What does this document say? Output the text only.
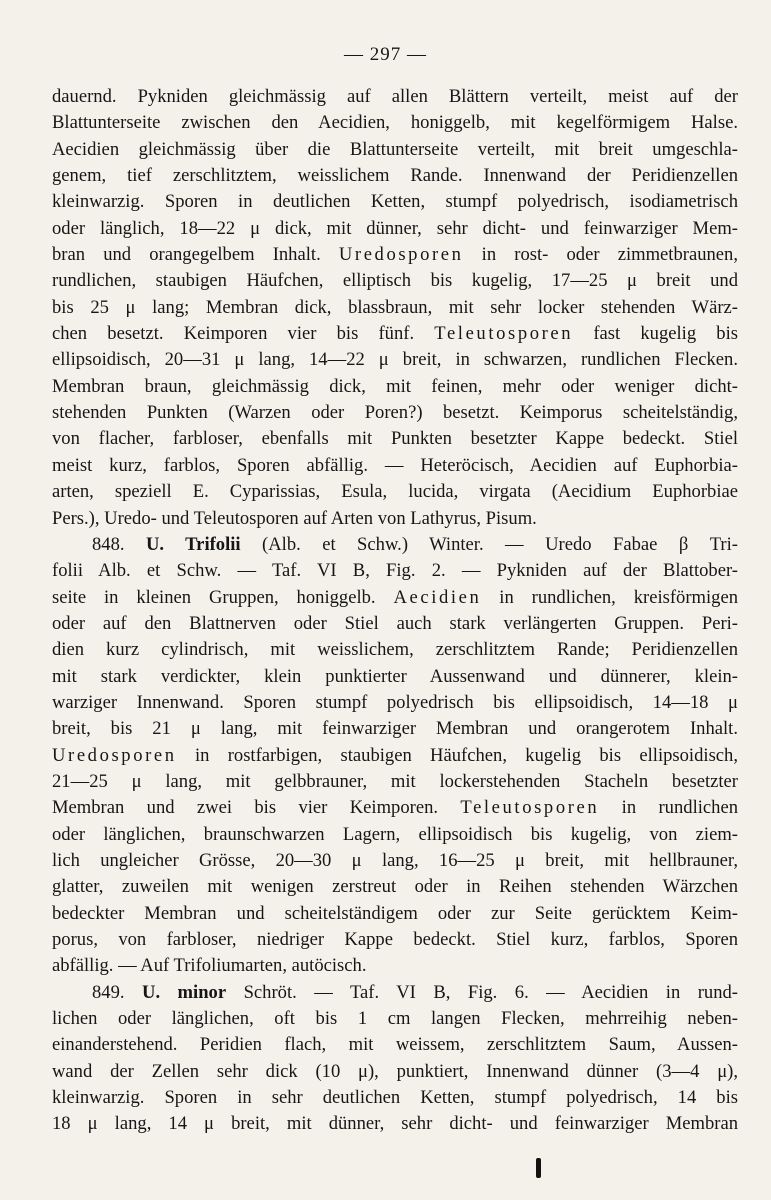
— 297 —
dauernd. Pykniden gleichmässig auf allen Blättern verteilt, meist auf der
Blattunterseite zwischen den Aecidien, honiggelb, mit kegelförmigem Halse.
Aecidien gleichmässig über die Blattunterseite verteilt, mit breit umgeschla-
genem, tief zerschlitztem, weisslichem Rande. Innenwand der Peridienzellen
kleinwarzig. Sporen in deutlichen Ketten, stumpf polyedrisch, isodiametrisch
oder länglich, 18—22 μ dick, mit dünner, sehr dicht- und feinwarziger Mem-
bran und orangegelbem Inhalt. Uredosporen in rost- oder zimmetbraunen,
rundlichen, staubigen Häufchen, elliptisch bis kugelig, 17—25 μ breit und
bis 25 μ lang; Membran dick, blassbraun, mit sehr locker stehenden Wärz-
chen besetzt. Keimporen vier bis fünf. Teleutosporen fast kugelig bis
ellipsoidisch, 20—31 μ lang, 14—22 μ breit, in schwarzen, rundlichen Flecken.
Membran braun, gleichmässig dick, mit feinen, mehr oder weniger dicht-
stehenden Punkten (Warzen oder Poren?) besetzt. Keimporus scheitelständig,
von flacher, farbloser, ebenfalls mit Punkten besetzter Kappe bedeckt. Stiel
meist kurz, farblos, Sporen abfällig. — Heteröcisch, Aecidien auf Euphorbia-
arten, speziell E. Cyparissias, Esula, lucida, virgata (Aecidium Euphorbiae
Pers.), Uredo- und Teleutosporen auf Arten von Lathyrus, Pisum.
848. U. Trifolii (Alb. et Schw.) Winter. — Uredo Fabae β Tri-
folii Alb. et Schw. — Taf. VI B, Fig. 2. — Pykniden auf der Blattober-
seite in kleinen Gruppen, honiggelb. Aecidien in rundlichen, kreisförmigen
oder auf den Blattnerven oder Stiel auch stark verlängerten Gruppen. Peri-
dien kurz cylindrisch, mit weisslichem, zerschlitztem Rande; Peridienzellen
mit stark verdickter, klein punktierter Aussenwand und dünnerer, klein-
warziger Innenwand. Sporen stumpf polyedrisch bis ellipsoidisch, 14—18 μ
breit, bis 21 μ lang, mit feinwarziger Membran und orangerotem Inhalt.
Uredosporen in rostfarbigen, staubigen Häufchen, kugelig bis ellipsoidisch,
21—25 μ lang, mit gelbbrauner, mit lockerstehenden Stacheln besetzter
Membran und zwei bis vier Keimporen. Teleutosporen in rundlichen
oder länglichen, braunschwarzen Lagern, ellipsoidisch bis kugelig, von ziem-
lich ungleicher Grösse, 20—30 μ lang, 16—25 μ breit, mit hellbrauner,
glatter, zuweilen mit wenigen zerstreut oder in Reihen stehenden Wärzchen
bedeckter Membran und scheitelständigem oder zur Seite gerücktem Keim-
porus, von farbloser, niedriger Kappe bedeckt. Stiel kurz, farblos, Sporen
abfällig. — Auf Trifoliumarten, autöcisch.
849. U. minor Schröt. — Taf. VI B, Fig. 6. — Aecidien in rund-
lichen oder länglichen, oft bis 1 cm langen Flecken, mehrreihig neben-
einanderstehend. Peridien flach, mit weissem, zerschlitztem Saum, Aussen-
wand der Zellen sehr dick (10 μ), punktiert, Innenwand dünner (3—4 μ),
kleinwarzig. Sporen in sehr deutlichen Ketten, stumpf polyedrisch, 14 bis
18 μ lang, 14 μ breit, mit dünner, sehr dicht- und feinwarziger Membran
